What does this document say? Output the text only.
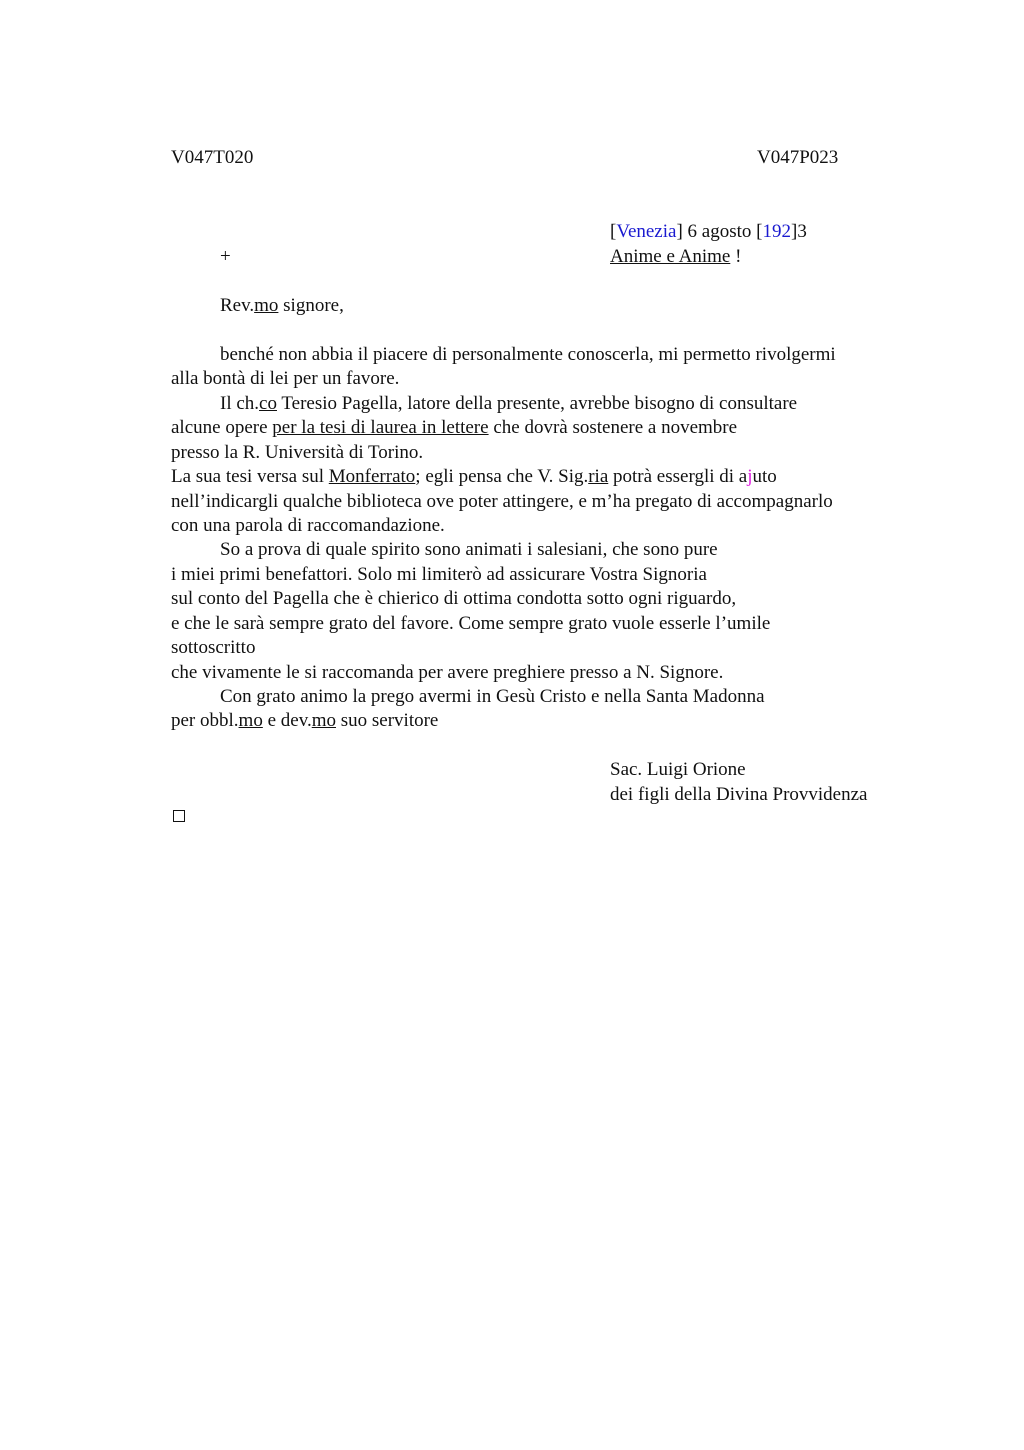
V047T020	V047P023
[Venezia] 6 agosto [192]3
+	Anime e Anime !
Rev.mo signore,
benché non abbia il piacere di personalmente conoscerla, mi permetto rivolgermi
alla bontà di lei per un favore.
Il ch.co Teresio Pagella, latore della presente, avrebbe bisogno di consultare
alcune opere per la tesi di laurea in lettere che dovrà sostenere a novembre
presso la R. Università di Torino.
La sua tesi versa sul Monferrato; egli pensa che V. Sig.ria potrà essergli di ajuto
nell’indicargli qualche biblioteca ove poter attingere, e m’ha pregato di accompagnarlo
con una parola di raccomandazione.
So a prova di quale spirito sono animati i salesiani, che sono pure
i miei primi benefattori. Solo mi limiterò ad assicurare Vostra Signoria
sul conto del Pagella che è chierico di ottima condotta sotto ogni riguardo,
e che le sarà sempre grato del favore. Come sempre grato vuole esserle l’umile
sottoscritto
che vivamente le si raccomanda per avere preghiere presso a N. Signore.
Con grato animo la prego avermi in Gesù Cristo e nella Santa Madonna
per obbl.mo e dev.mo suo servitore
Sac. Luigi Orione
dei figli della Divina Provvidenza
